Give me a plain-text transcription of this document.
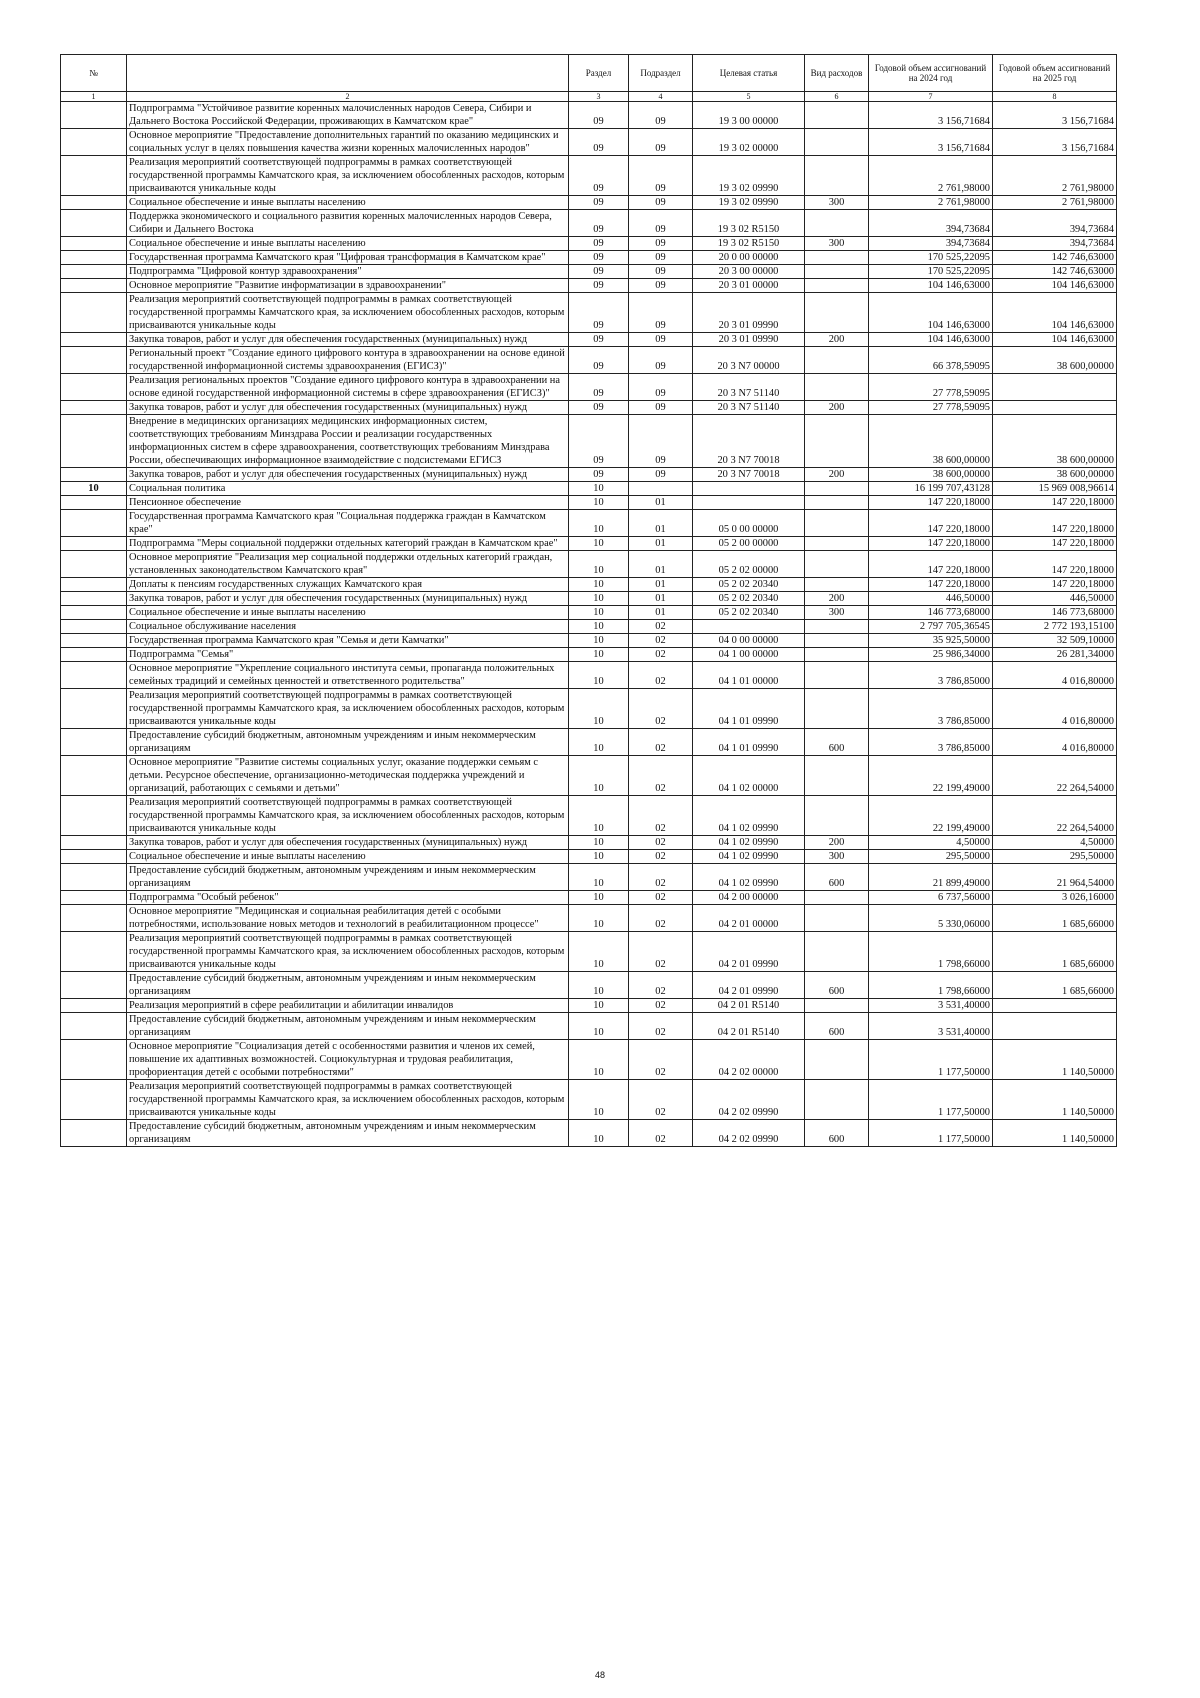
№		Раздел	Подраздел	Целевая статья	Вид расходов	Годовой объем ассигнований на 2024 год	Годовой объем ассигнований на 2025 год
1	2	3	4	5	6	7	8
	Подпрограмма "Устойчивое развитие коренных малочисленных народов Севера, Сибири и Дальнего Востока Российской Федерации, проживающих в Камчатском крае"	09	09	19 3 00 00000		3 156,71684	3 156,71684
	Основное мероприятие "Предоставление дополнительных гарантий по оказанию медицинских и социальных услуг в целях повышения качества жизни коренных малочисленных народов"	09	09	19 3 02 00000		3 156,71684	3 156,71684
	Реализация мероприятий соответствующей подпрограммы в рамках соответствующей государственной программы Камчатского края, за исключением обособленных расходов, которым присваиваются уникальные коды	09	09	19 3 02 09990		2 761,98000	2 761,98000
	Социальное обеспечение и иные выплаты населению	09	09	19 3 02 09990	300	2 761,98000	2 761,98000
	Поддержка экономического и социального развития коренных малочисленных народов Севера, Сибири и Дальнего Востока	09	09	19 3 02 R5150		394,73684	394,73684
	Социальное обеспечение и иные выплаты населению	09	09	19 3 02 R5150	300	394,73684	394,73684
	Государственная программа Камчатского края "Цифровая трансформация в Камчатском крае"	09	09	20 0 00 00000		170 525,22095	142 746,63000
	Подпрограмма "Цифровой контур здравоохранения"	09	09	20 3 00 00000		170 525,22095	142 746,63000
	Основное мероприятие "Развитие информатизации в здравоохранении"	09	09	20 3 01 00000		104 146,63000	104 146,63000
	Реализация мероприятий соответствующей подпрограммы в рамках соответствующей государственной программы Камчатского края, за исключением обособленных расходов, которым присваиваются уникальные коды	09	09	20 3 01 09990		104 146,63000	104 146,63000
	Закупка товаров, работ и услуг для обеспечения государственных (муниципальных) нужд	09	09	20 3 01 09990	200	104 146,63000	104 146,63000
	Региональный проект "Создание единого цифрового контура в здравоохранении на основе единой государственной информационной системы здравоохранения (ЕГИСЗ)"	09	09	20 3 N7 00000		66 378,59095	38 600,00000
	Реализация региональных проектов "Создание единого цифрового контура в здравоохранении на основе единой государственной информационной системы в сфере здравоохранения (ЕГИСЗ)"	09	09	20 3 N7 51140		27 778,59095	
	Закупка товаров, работ и услуг для обеспечения государственных (муниципальных) нужд	09	09	20 3 N7 51140	200	27 778,59095	
	Внедрение в медицинских организациях медицинских информационных систем, соответствующих требованиям Минздрава России и реализации государственных информационных систем в сфере здравоохранения, соответствующих требованиям Минздрава России, обеспечивающих информационное взаимодействие с подсистемами ЕГИСЗ	09	09	20 3 N7 70018		38 600,00000	38 600,00000
	Закупка товаров, работ и услуг для обеспечения государственных (муниципальных) нужд	09	09	20 3 N7 70018	200	38 600,00000	38 600,00000
10	Социальная политика	10				16 199 707,43128	15 969 008,96614
	Пенсионное обеспечение	10	01			147 220,18000	147 220,18000
	Государственная программа Камчатского края "Социальная поддержка граждан в Камчатском крае"	10	01	05 0 00 00000		147 220,18000	147 220,18000
	Подпрограмма "Меры социальной поддержки отдельных категорий граждан в Камчатском крае"	10	01	05 2 00 00000		147 220,18000	147 220,18000
	Основное мероприятие "Реализация мер социальной поддержки отдельных категорий граждан, установленных законодательством Камчатского края"	10	01	05 2 02 00000		147 220,18000	147 220,18000
	Доплаты к пенсиям государственных служащих Камчатского края	10	01	05 2 02 20340		147 220,18000	147 220,18000
	Закупка товаров, работ и услуг для обеспечения государственных (муниципальных) нужд	10	01	05 2 02 20340	200	446,50000	446,50000
	Социальное обеспечение и иные выплаты населению	10	01	05 2 02 20340	300	146 773,68000	146 773,68000
	Социальное обслуживание населения	10	02			2 797 705,36545	2 772 193,15100
	Государственная программа Камчатского края "Семья и дети Камчатки"	10	02	04 0 00 00000		35 925,50000	32 509,10000
	Подпрограмма "Семья"	10	02	04 1 00 00000		25 986,34000	26 281,34000
	Основное мероприятие "Укрепление социального института семьи, пропаганда положительных семейных традиций и семейных ценностей и ответственного родительства"	10	02	04 1 01 00000		3 786,85000	4 016,80000
	Реализация мероприятий соответствующей подпрограммы в рамках соответствующей государственной программы Камчатского края, за исключением обособленных расходов, которым присваиваются уникальные коды	10	02	04 1 01 09990		3 786,85000	4 016,80000
	Предоставление субсидий бюджетным, автономным учреждениям и иным некоммерческим организациям	10	02	04 1 01 09990	600	3 786,85000	4 016,80000
	Основное мероприятие "Развитие системы социальных услуг, оказание поддержки семьям с детьми. Ресурсное обеспечение, организационно-методическая поддержка учреждений и организаций, работающих с семьями и детьми"	10	02	04 1 02 00000		22 199,49000	22 264,54000
	Реализация мероприятий соответствующей подпрограммы в рамках соответствующей государственной программы Камчатского края, за исключением обособленных расходов, которым присваиваются уникальные коды	10	02	04 1 02 09990		22 199,49000	22 264,54000
	Закупка товаров, работ и услуг для обеспечения государственных (муниципальных) нужд	10	02	04 1 02 09990	200	4,50000	4,50000
	Социальное обеспечение и иные выплаты населению	10	02	04 1 02 09990	300	295,50000	295,50000
	Предоставление субсидий бюджетным, автономным учреждениям и иным некоммерческим организациям	10	02	04 1 02 09990	600	21 899,49000	21 964,54000
	Подпрограмма "Особый ребенок"	10	02	04 2 00 00000		6 737,56000	3 026,16000
	Основное мероприятие "Медицинская и социальная реабилитация детей с особыми потребностями, использование новых методов и технологий в реабилитационном процессе"	10	02	04 2 01 00000		5 330,06000	1 685,66000
	Реализация мероприятий соответствующей подпрограммы в рамках соответствующей государственной программы Камчатского края, за исключением обособленных расходов, которым присваиваются уникальные коды	10	02	04 2 01 09990		1 798,66000	1 685,66000
	Предоставление субсидий бюджетным, автономным учреждениям и иным некоммерческим организациям	10	02	04 2 01 09990	600	1 798,66000	1 685,66000
	Реализация мероприятий в сфере реабилитации и абилитации инвалидов	10	02	04 2 01 R5140		3 531,40000	
	Предоставление субсидий бюджетным, автономным учреждениям и иным некоммерческим организациям	10	02	04 2 01 R5140	600	3 531,40000	
	Основное мероприятие "Социализация детей с особенностями развития и членов их семей, повышение их адаптивных возможностей. Социокультурная и трудовая реабилитация, профориентация детей с особыми потребностями"	10	02	04 2 02 00000		1 177,50000	1 140,50000
	Реализация мероприятий соответствующей подпрограммы в рамках соответствующей государственной программы Камчатского края, за исключением обособленных расходов, которым присваиваются уникальные коды	10	02	04 2 02 09990		1 177,50000	1 140,50000
	Предоставление субсидий бюджетным, автономным учреждениям и иным некоммерческим организациям	10	02	04 2 02 09990	600	1 177,50000	1 140,50000
48
